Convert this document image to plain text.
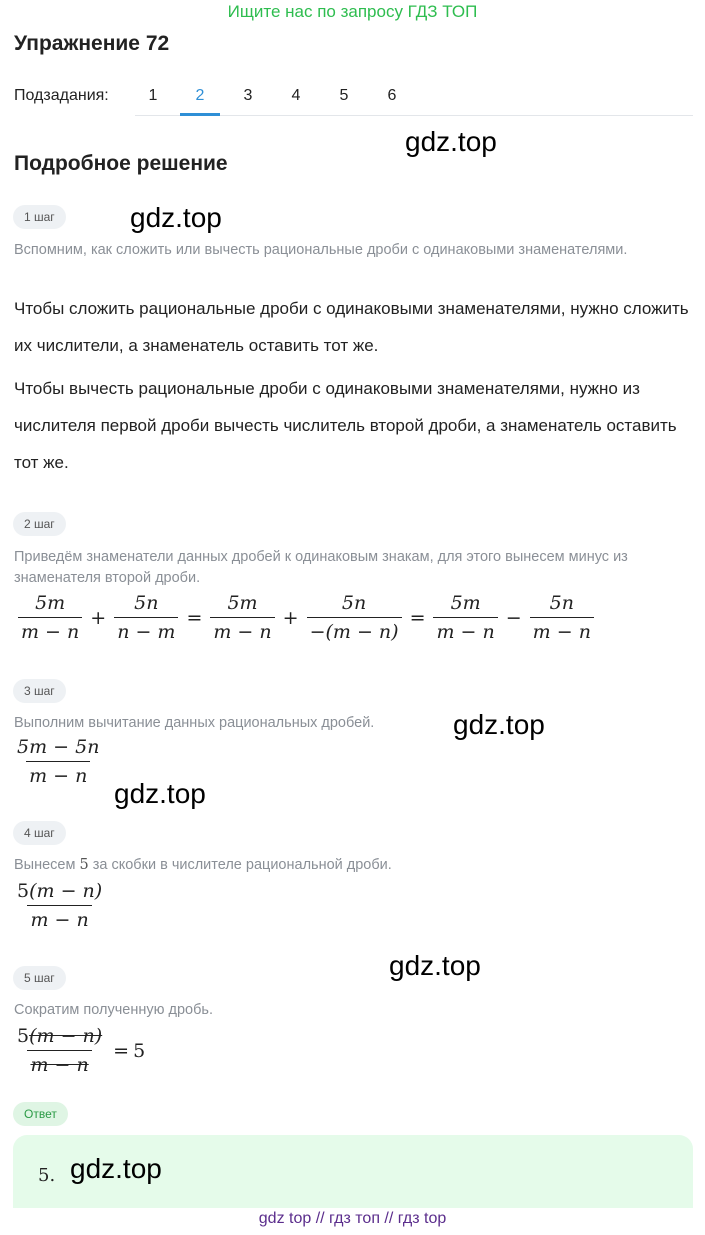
Ищите нас по запросу ГДЗ ТОП
Упражнение 72
Подзадания:	1	2	3	4	5	6
Подробное решение
gdz.top
gdz.top
gdz.top
gdz.top
gdz.top
1 шаг
Вспомним, как сложить или вычесть рациональные дроби с одинаковыми знаменателями.
Чтобы сложить рациональные дроби с одинаковыми знаменателями, нужно сложить их числители, а знаменатель оставить тот же.
Чтобы вычесть рациональные дроби с одинаковыми знаменателями, нужно из числителя первой дроби вычесть числитель второй дроби, а знаменатель оставить тот же.
2 шаг
Приведём знаменатели данных дробей к одинаковым знакам, для этого вынесем минус из знаменателя второй дроби.
$\frac{5m}{m - n} + \frac{5n}{n - m} = \frac{5m}{m - n} + \frac{5n}{-(m - n)} = \frac{5m}{m - n} - \frac{5n}{m - n}$
3 шаг
Выполним вычитание данных рациональных дробей.
$\frac{5m - 5n}{m - n}$
4 шаг
Вынесем 5 за скобки в числителе рациональной дроби.
$\frac{5(m - n)}{m - n}$
5 шаг
Сократим полученную дробь.
$\frac{5(m - n)}{m - n} = 5$
Ответ
5. gdz.top
gdz top // гдз топ // гдз top
